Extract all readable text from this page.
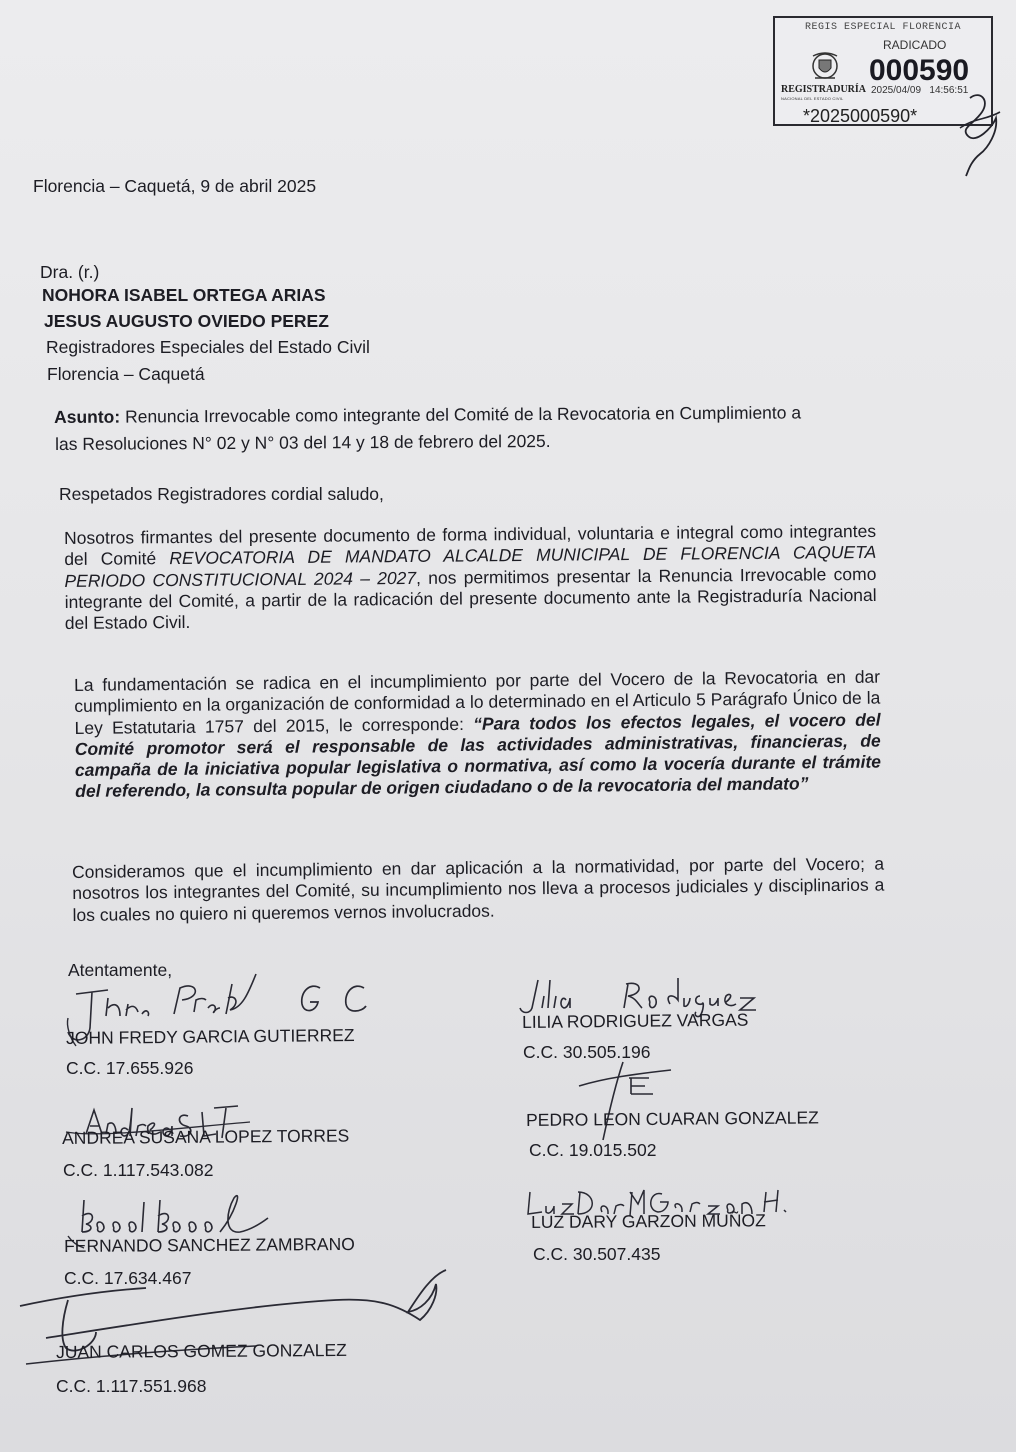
REGIS ESPECIAL FLORENCIA
RADICADO
000590
REGISTRADURÍA
NACIONAL DEL ESTADO CIVIL
2025/04/09 14:56:51
*2025000590*
Florencia – Caquetá, 9 de abril 2025
Dra. (r.)
NOHORA ISABEL ORTEGA ARIAS
JESUS AUGUSTO OVIEDO PEREZ
Registradores Especiales del Estado Civil
Florencia – Caquetá
Asunto: Renuncia Irrevocable como integrante del Comité de la Revocatoria en Cumplimiento a
las Resoluciones N° 02 y N° 03 del 14 y 18 de febrero del 2025.
Respetados Registradores cordial saludo,

Nosotros firmantes del presente documento de forma individual, voluntaria e integral como integrantes del Comité REVOCATORIA DE MANDATO ALCALDE MUNICIPAL DE FLORENCIA CAQUETA PERIODO CONSTITUCIONAL 2024 – 2027, nos permitimos presentar la Renuncia Irrevocable como integrante del Comité, a partir de la radicación del presente documento ante la Registraduría Nacional del Estado Civil.

La fundamentación se radica en el incumplimiento por parte del Vocero de la Revocatoria en dar cumplimiento en la organización de conformidad a lo determinado en el Articulo 5 Parágrafo Único de la Ley Estatutaria 1757 del 2015, le corresponde: “Para todos los efectos legales, el vocero del Comité promotor será el responsable de las actividades administrativas, financieras, de campaña de la iniciativa popular legislativa o normativa, así como la vocería durante el trámite del referendo, la consulta popular de origen ciudadano o de la revocatoria del mandato”

Consideramos que el incumplimiento en dar aplicación a la normatividad, por parte del Vocero; a nosotros los integrantes del Comité, su incumplimiento nos lleva a procesos judiciales y disciplinarios a los cuales no quiero ni queremos vernos involucrados.

Atentamente,
JOHN FREDY GARCIA GUTIERREZ
C.C. 17.655.926
LILIA RODRIGUEZ VARGAS
C.C. 30.505.196
ANDREA SUSANA LOPEZ TORRES
C.C. 1.117.543.082
PEDRO LEON CUARAN GONZALEZ
C.C. 19.015.502
FERNANDO SANCHEZ ZAMBRANO
C.C. 17.634.467
LUZ DARY GARZON MUÑOZ
C.C. 30.507.435
JUAN CARLOS GOMEZ GONZALEZ
C.C. 1.117.551.968
